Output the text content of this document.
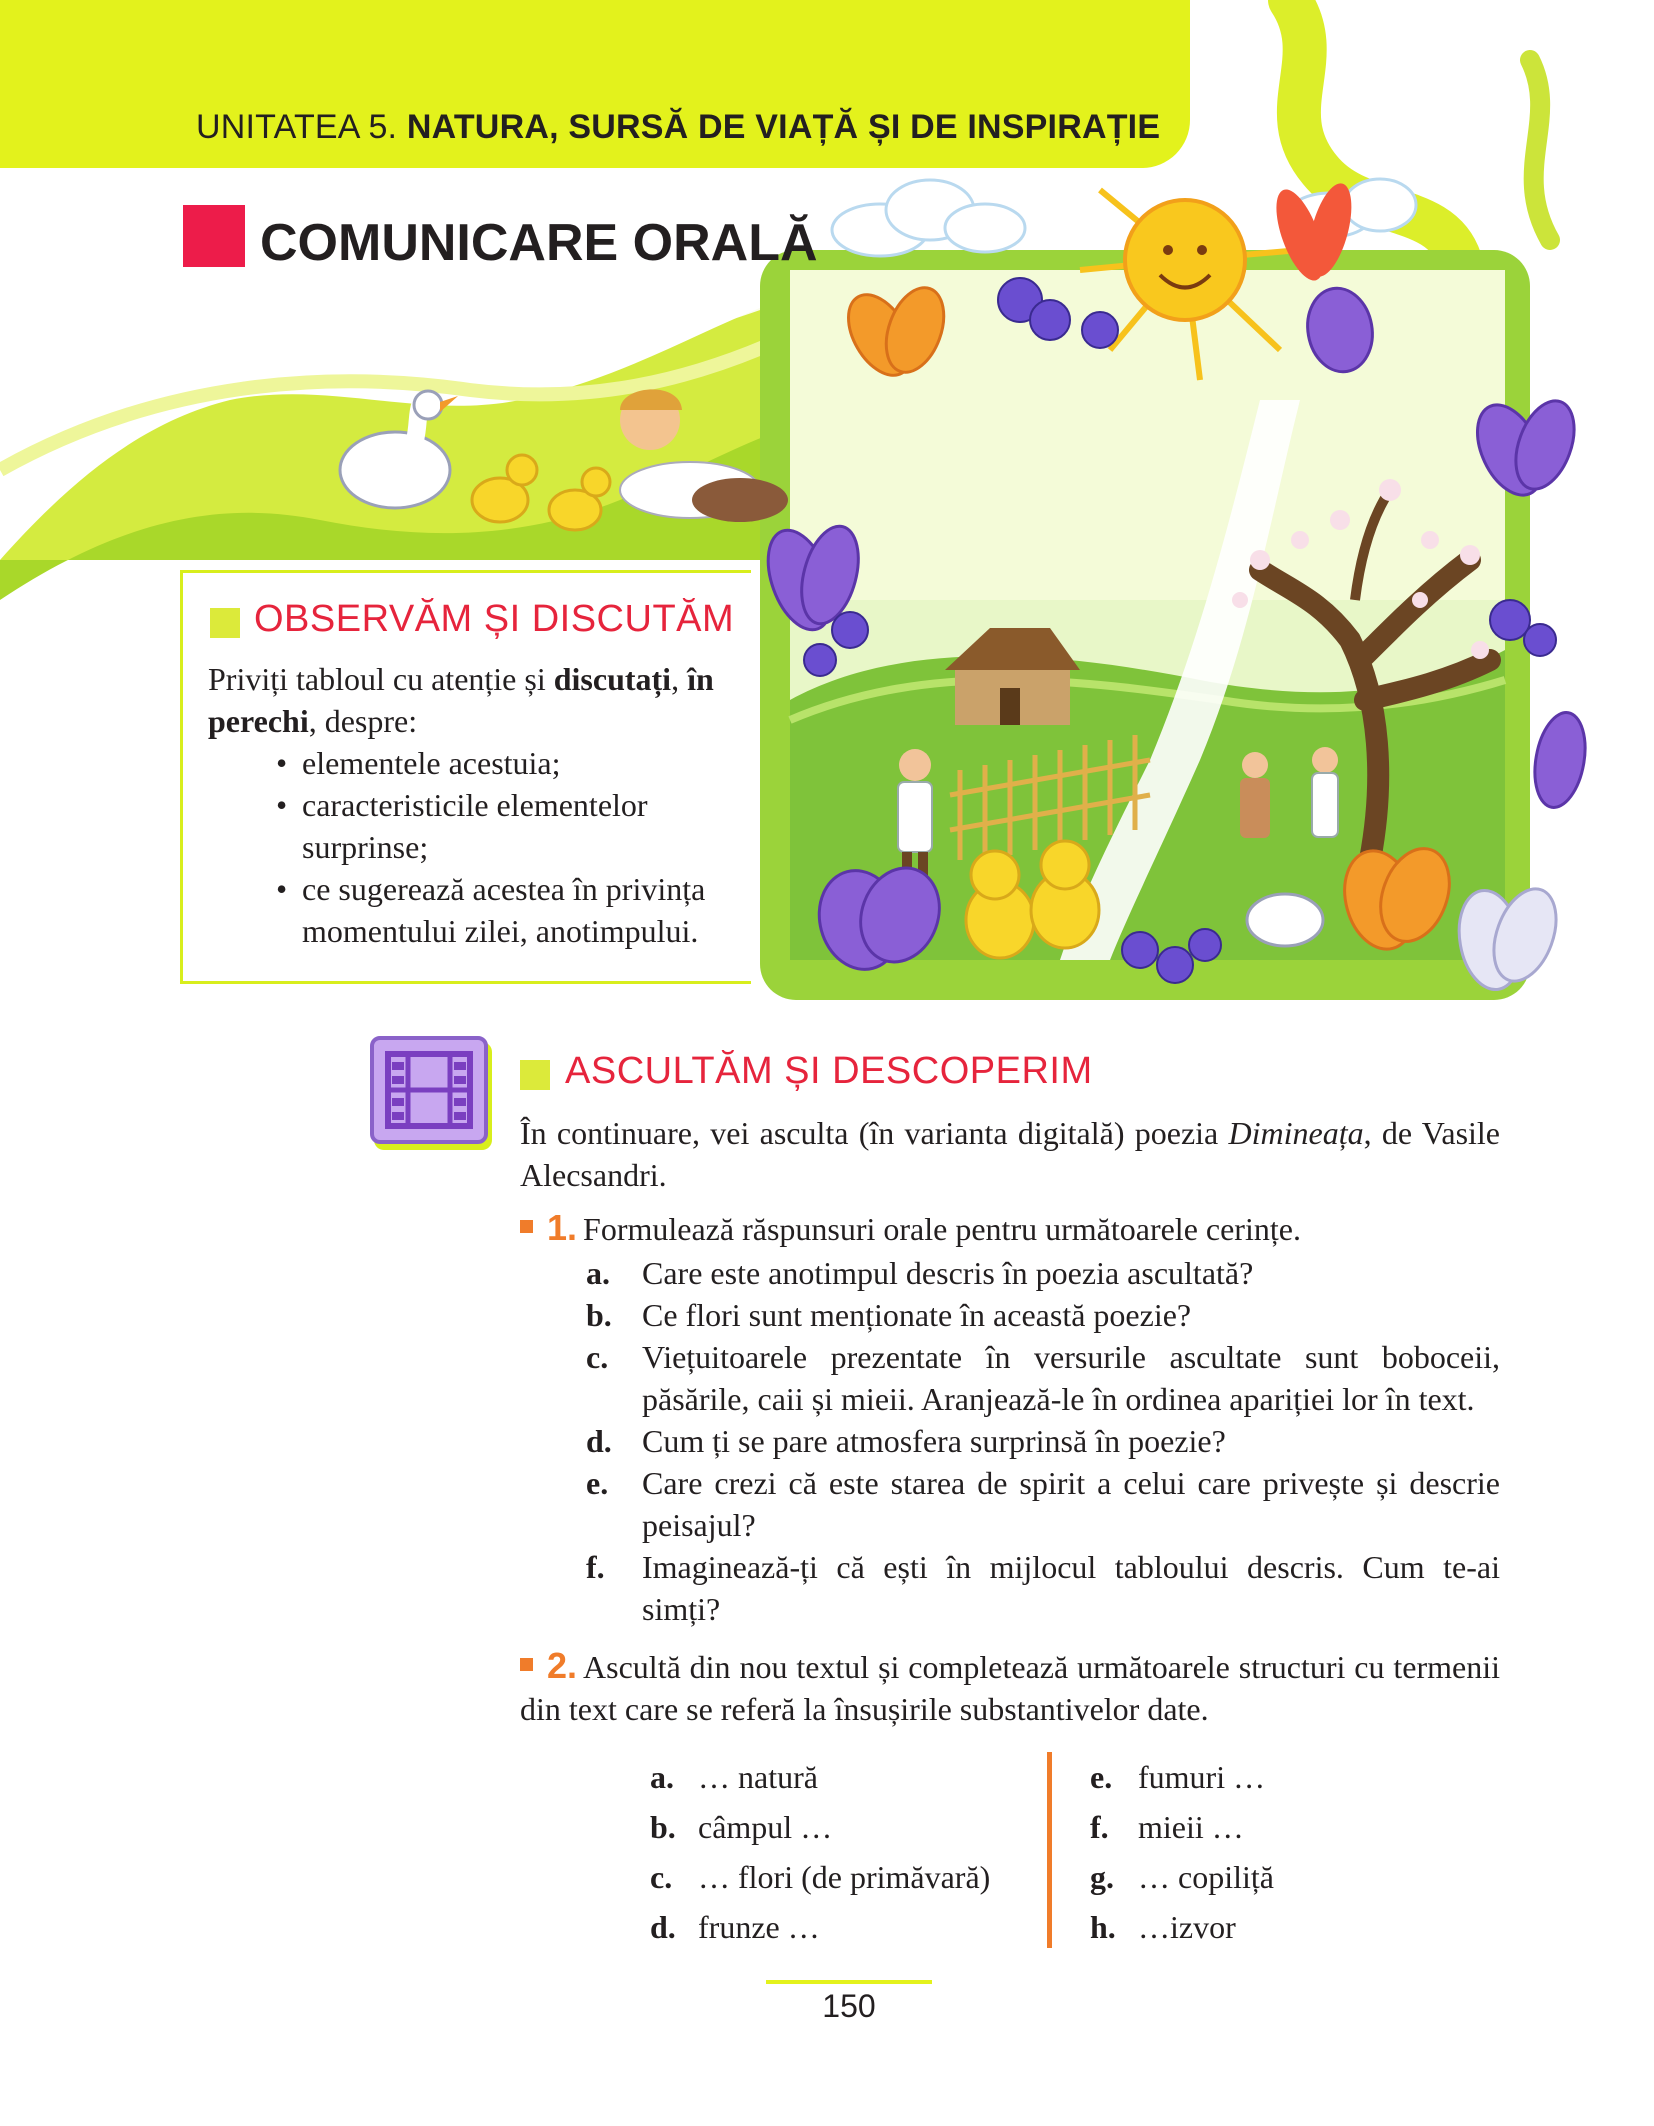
UNITATEA 5. NATURA, SURSĂ DE VIAȚĂ ȘI DE INSPIRAȚIE
COMUNICARE ORALĂ
OBSERVĂM ȘI DISCUTĂM
Priviți tabloul cu atenție și discutați, în perechi, despre:
• elementele acestuia;
• caracteristicile elementelor surprinse;
• ce sugerează acestea în privința momentului zilei, anotimpului.
ASCULTĂM ȘI DESCOPERIM
În continuare, vei asculta (în varianta digitală) poezia Dimineața, de Vasile Alecsandri.
1. Formulează răspunsuri orale pentru următoarele cerințe.
a. Care este anotimpul descris în poezia ascultată?
b. Ce flori sunt menționate în această poezie?
c. Viețuitoarele prezentate în versurile ascultate sunt boboceii, păsările, caii și mieii. Aranjează-le în ordinea apariției lor în text.
d. Cum ți se pare atmosfera surprinsă în poezie?
e. Care crezi că este starea de spirit a celui care privește și descrie peisajul?
f. Imaginează-ți că ești în mijlocul tabloului descris. Cum te-ai simți?
2. Ascultă din nou textul și completează următoarele structuri cu termenii din text care se referă la însușirile substantivelor date.
a. … natură
b. câmpul …
c. … flori (de primăvară)
d. frunze …
e. fumuri …
f. mieii …
g. … copiliță
h. …izvor
150
